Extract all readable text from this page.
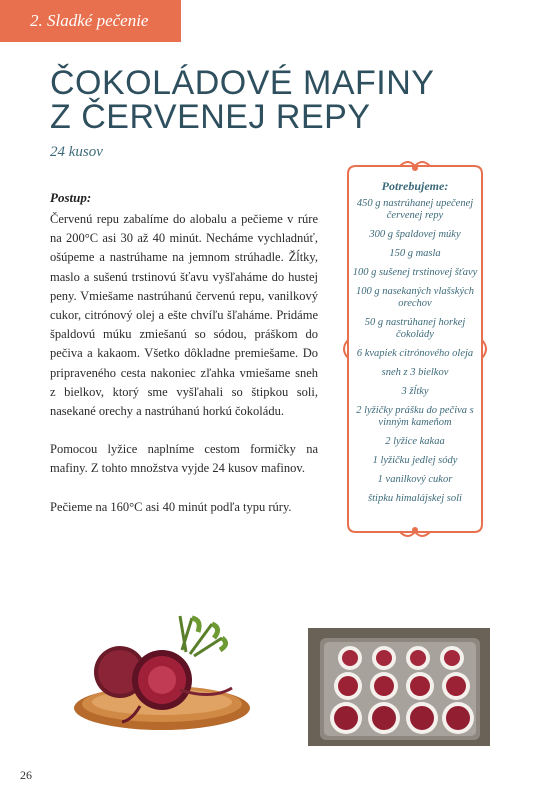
2. Sladké pečenie
ČOKOLÁDOVÉ MAFINY
Z ČERVENEJ REPY
24 kusov
Postup:

Červenú repu zabalíme do alobalu a pečieme v rúre na 200°C asi 30 až 40 minút. Necháme vychladnúť, ošúpeme a nastrúhame na jemnom strúhadle. Žĺtky, maslo a sušenú trstinovú šťavu vyšľaháme do hustej peny. Vmiešame nastrúhanú červenú repu, vanilkový cukor, citrónový olej a ešte chvíľu šľaháme. Pridáme špaldovú múku zmiešanú so sódou, práškom do pečiva a kakaom. Všetko dôkladne premiešame. Do pripraveného cesta nakoniec zľahka vmiešame sneh z bielkov, ktorý sme vyšľahali so štipkou soli, nasekané orechy a nastrúhanú horkú čokoládu.

Pomocou lyžice naplníme cestom formičky na mafiny. Z tohto množstva vyjde 24 kusov mafinov.

Pečieme na 160°C asi 40 minút podľa typu rúry.

Potrebujeme:
450 g nastrúhanej upečenej červenej repy
300 g špaldovej múky
150 g masla
100 g sušenej trstinovej šťavy
100 g nasekaných vlašských orechov
50 g nastrúhanej horkej čokolády
6 kvapiek citrónového oleja
sneh z 3 bielkov
3 žĺtky
2 lyžičky prášku do pečiva s vinným kameňom
2 lyžice kakaa
1 lyžičku jedlej sódy
1 vanilkový cukor
štipku himalájskej soli
26
